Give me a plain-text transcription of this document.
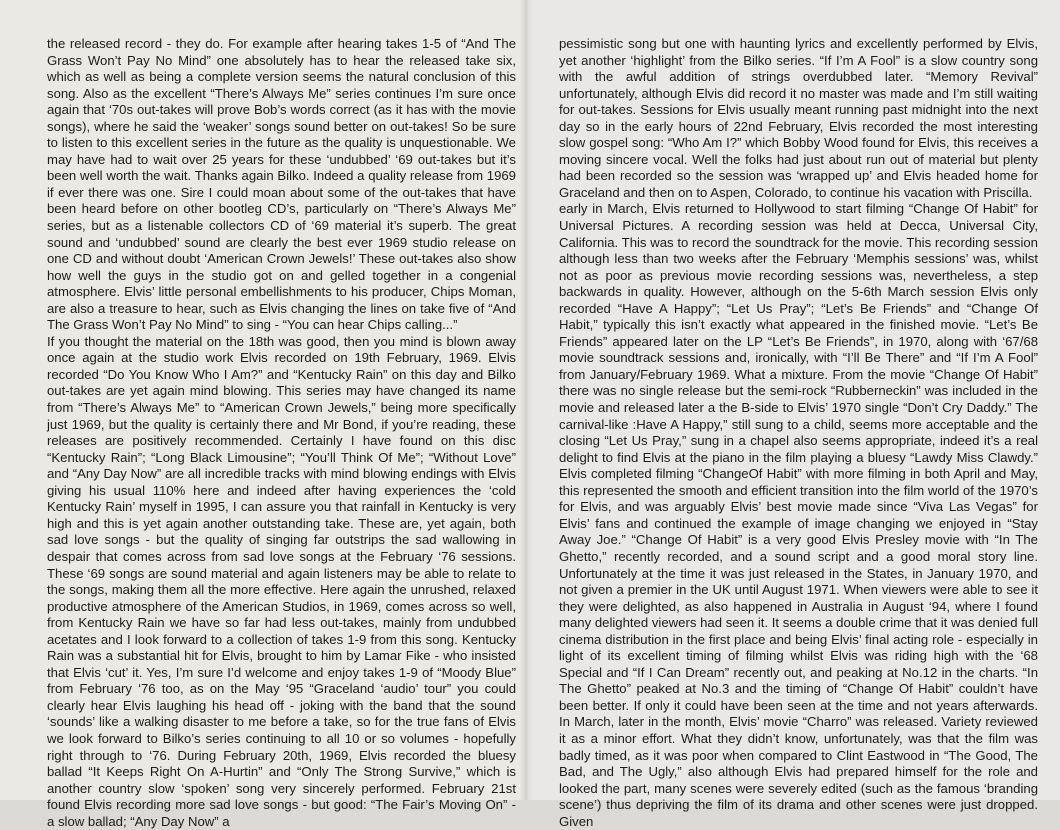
the released record - they do. For example after hearing takes 1-5 of “And The Grass Won’t Pay No Mind” one absolutely has to hear the released take six, which as well as being a complete version seems the natural conclusion of this song. Also as the excellent “There’s Always Me” series continues I’m sure once again that ‘70s out-takes will prove Bob’s words correct (as it has with the movie songs), where he said the ‘weaker’ songs sound better on out-takes! So be sure to listen to this excellent series in the future as the quality is unquestionable. We may have had to wait over 25 years for these ‘undubbed’ ‘69 out-takes but it’s been well worth the wait. Thanks again Bilko. Indeed a quality release from 1969 if ever there was one. Sire I could moan about some of the out-takes that have been heard before on other bootleg CD’s, particularly on “There’s Always Me” series, but as a listenable collectors CD of ‘69 material it’s superb. The great sound and ‘undubbed’ sound are clearly the best ever 1969 studio release on one CD and without doubt ‘American Crown Jewels!’ These out-takes also show how well the guys in the studio got on and gelled together in a congenial atmosphere. Elvis’ little personal embellishments to his producer, Chips Moman, are also a treasure to hear, such as Elvis changing the lines on take five of “And The Grass Won’t Pay No Mind” to sing - “You can hear Chips calling...”

If you thought the material on the 18th was good, then you mind is blown away once again at the studio work Elvis recorded on 19th February, 1969. Elvis recorded “Do You Know Who I Am?” and “Kentucky Rain” on this day and Bilko out-takes are yet again mind blowing. This series may have changed its name from “There’s Always Me” to “American Crown Jewels,” being more specifically just 1969, but the quality is certainly there and Mr Bond, if you’re reading, these releases are positively recommended. Certainly I have found on this disc “Kentucky Rain”; “Long Black Limousine”; “You’ll Think Of Me”; “Without Love” and “Any Day Now” are all incredible tracks with mind blowing endings with Elvis giving his usual 110% here and indeed after having experiences the ‘cold Kentucky Rain’ myself in 1995, I can assure you that rainfall in Kentucky is very high and this is yet again another outstanding take. These are, yet again, both sad love songs - but the quality of singing far outstrips the sad wallowing in despair that comes across from sad love songs at the February ‘76 sessions. These ‘69 songs are sound material and again listeners may be able to relate to the songs, making them all the more effective. Here again the unrushed, relaxed productive atmosphere of the American Studios, in 1969, comes across so well, from Kentucky Rain we have so far had less out-takes, mainly from undubbed acetates and I look forward to a collection of takes 1-9 from this song. Kentucky Rain was a substantial hit for Elvis, brought to him by Lamar Fike - who insisted that Elvis ‘cut’ it. Yes, I’m sure I’d welcome and enjoy takes 1-9 of “Moody Blue” from February ‘76 too, as on the May ‘95 “Graceland ‘audio’ tour” you could clearly hear Elvis laughing his head off - joking with the band that the sound ‘sounds’ like a walking disaster to me before a take, so for the true fans of Elvis we look forward to Bilko’s series continuing to all 10 or so volumes - hopefully right through to ‘76. During February 20th, 1969, Elvis recorded the bluesy ballad “It Keeps Right On A-Hurtin” and “Only The Strong Survive,” which is another country slow ‘spoken’ song very sincerely performed. February 21st found Elvis recording more sad love songs - but good: “The Fair’s Moving On” - a slow ballad; “Any Day Now” a

pessimistic song but one with haunting lyrics and excellently performed by Elvis, yet another ‘highlight’ from the Bilko series. “If I’m A Fool” is a slow country song with the awful addition of strings overdubbed later. “Memory Revival” unfortunately, although Elvis did record it no master was made and I’m still waiting for out-takes. Sessions for Elvis usually meant running past midnight into the next day so in the early hours of 22nd February, Elvis recorded the most interesting slow gospel song: “Who Am I?” which Bobby Wood found for Elvis, this receives a moving sincere vocal. Well the folks had just about run out of material but plenty had been recorded so the session was ‘wrapped up’ and Elvis headed home for Graceland and then on to Aspen, Colorado, to continue his vacation with Priscilla.

early in March, Elvis returned to Hollywood to start filming “Change Of Habit” for Universal Pictures. A recording session was held at Decca, Universal City, California. This was to record the soundtrack for the movie. This recording session although less than two weeks after the February ‘Memphis sessions’ was, whilst not as poor as previous movie recording sessions was, nevertheless, a step backwards in quality. However, although on the 5-6th March session Elvis only recorded “Have A Happy”; “Let Us Pray”; “Let’s Be Friends” and “Change Of Habit,” typically this isn’t exactly what appeared in the finished movie. “Let’s Be Friends” appeared later on the LP “Let’s Be Friends”, in 1970, along with ‘67/68 movie soundtrack sessions and, ironically, with “I’ll Be There” and “If I’m A Fool” from January/February 1969. What a mixture. From the movie “Change Of Habit” there was no single release but the semi-rock “Rubberneckin” was included in the movie and released later a the B-side to Elvis’ 1970 single “Don’t Cry Daddy.” The carnival-like :Have A Happy,” still sung to a child, seems more acceptable and the closing “Let Us Pray,” sung in a chapel also seems appropriate, indeed it’s a real delight to find Elvis at the piano in the film playing a bluesy “Lawdy Miss Clawdy.” Elvis completed filming “ChangeOf Habit” with more filming in both April and May, this represented the smooth and efficient transition into the film world of the 1970’s for Elvis, and was arguably Elvis’ best movie made since “Viva Las Vegas” for Elvis’ fans and continued the example of image changing we enjoyed in “Stay Away Joe.” “Change Of Habit” is a very good Elvis Presley movie with “In The Ghetto,” recently recorded, and a sound script and a good moral story line. Unfortunately at the time it was just released in the States, in January 1970, and not given a premier in the UK until August 1971. When viewers were able to see it they were delighted, as also happened in Australia in August ‘94, where I found many delighted viewers had seen it. It seems a double crime that it was denied full cinema distribution in the first place and being Elvis’ final acting role - especially in light of its excellent timing of filming whilst Elvis was riding high with the ‘68 Special and “If I Can Dream” recently out, and peaking at No.12 in the charts. “In The Ghetto” peaked at No.3 and the timing of “Change Of Habit” couldn’t have been better. If only it could have been seen at the time and not years afterwards. In March, later in the month, Elvis’ movie “Charro” was released. Variety reviewed it as a minor effort. What they didn’t know, unfortunately, was that the film was badly timed, as it was poor when compared to Clint Eastwood in “The Good, The Bad, and The Ugly,” also although Elvis had prepared himself for the role and looked the part, many scenes were severely edited (such as the famous ‘branding scene’) thus depriving the film of its drama and other scenes were just dropped. Given
